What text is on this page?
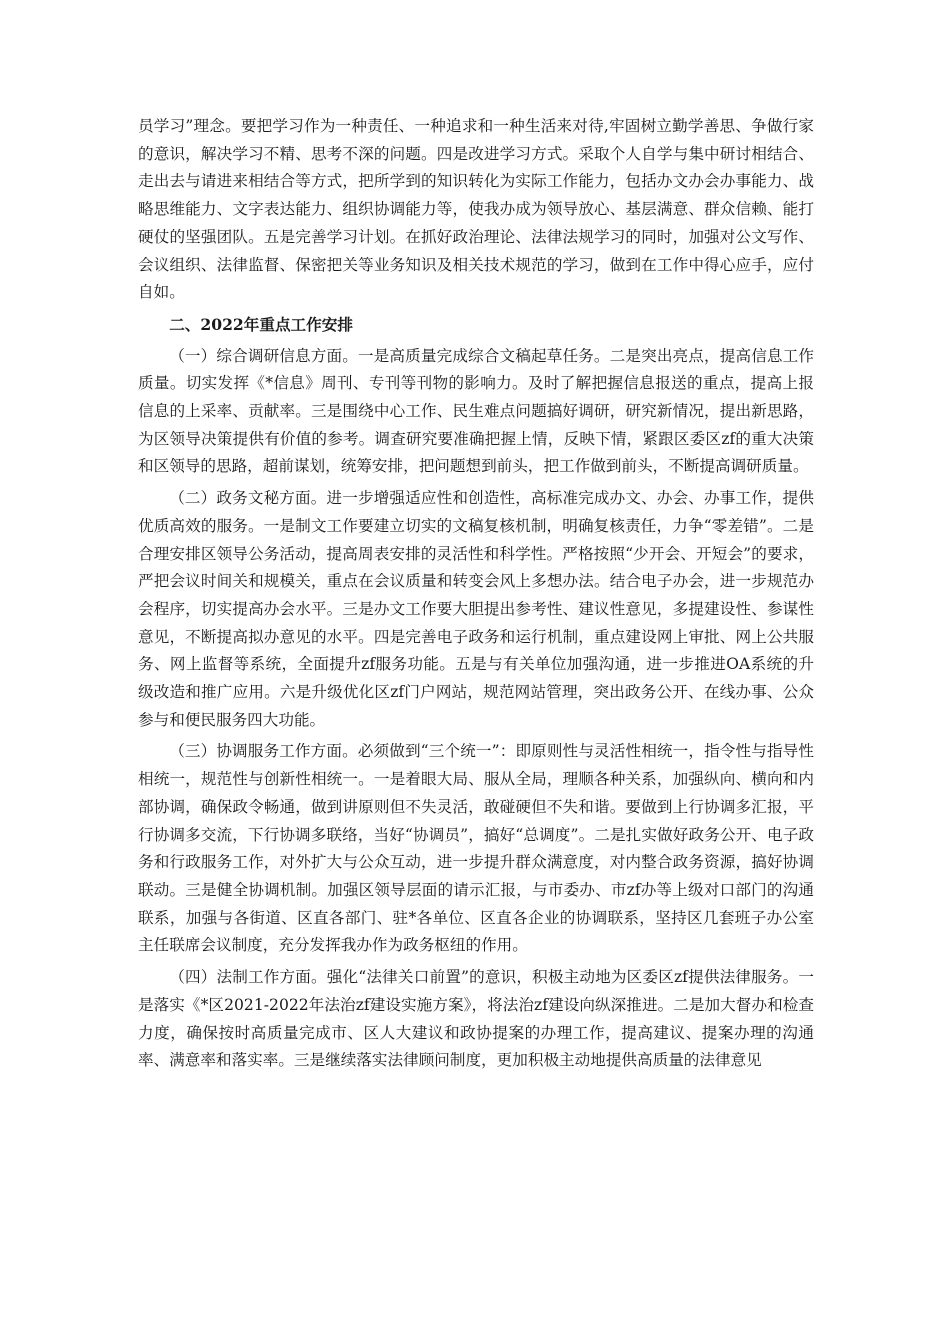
员学习”理念。要把学习作为一种责任、一种追求和一种生活来对待,牢固树立勤学善思、争做行家的意识，解决学习不精、思考不深的问题。四是改进学习方式。采取个人自学与集中研讨相结合、走出去与请进来相结合等方式，把所学到的知识转化为实际工作能力，包括办文办会办事能力、战略思维能力、文字表达能力、组织协调能力等，使我办成为领导放心、基层满意、群众信赖、能打硬仗的坚强团队。五是完善学习计划。在抓好政治理论、法律法规学习的同时，加强对公文写作、会议组织、法律监督、保密把关等业务知识及相关技术规范的学习，做到在工作中得心应手，应付自如。

二、2022年重点工作安排

（一）综合调研信息方面。一是高质量完成综合文稿起草任务。二是突出亮点，提高信息工作质量。切实发挥《*信息》周刊、专刊等刊物的影响力。及时了解把握信息报送的重点，提高上报信息的上采率、贡献率。三是围绕中心工作、民生难点问题搞好调研，研究新情况，提出新思路，为区领导决策提供有价值的参考。调查研究要准确把握上情，反映下情，紧跟区委区zf的重大决策和区领导的思路，超前谋划，统筹安排，把问题想到前头，把工作做到前头，不断提高调研质量。

（二）政务文秘方面。进一步增强适应性和创造性，高标准完成办文、办会、办事工作，提供优质高效的服务。一是制文工作要建立切实的文稿复核机制，明确复核责任，力争“零差错”。二是合理安排区领导公务活动，提高周表安排的灵活性和科学性。严格按照“少开会、开短会”的要求，严把会议时间关和规模关，重点在会议质量和转变会风上多想办法。结合电子办会，进一步规范办会程序，切实提高办会水平。三是办文工作要大胆提出参考性、建议性意见，多提建设性、参谋性意见，不断提高拟办意见的水平。四是完善电子政务和运行机制，重点建设网上审批、网上公共服务、网上监督等系统，全面提升zf服务功能。五是与有关单位加强沟通，进一步推进OA系统的升级改造和推广应用。六是升级优化区zf门户网站，规范网站管理，突出政务公开、在线办事、公众参与和便民服务四大功能。

（三）协调服务工作方面。必须做到“三个统一”：即原则性与灵活性相统一，指令性与指导性相统一，规范性与创新性相统一。一是着眼大局、服从全局，理顺各种关系，加强纵向、横向和内部协调，确保政令畅通，做到讲原则但不失灵活，敢碰硬但不失和谐。要做到上行协调多汇报，平行协调多交流，下行协调多联络，当好“协调员”，搞好“总调度”。二是扎实做好政务公开、电子政务和行政服务工作，对外扩大与公众互动，进一步提升群众满意度，对内整合政务资源，搞好协调联动。三是健全协调机制。加强区领导层面的请示汇报，与市委办、市zf办等上级对口部门的沟通联系，加强与各街道、区直各部门、驻*各单位、区直各企业的协调联系，坚持区几套班子办公室主任联席会议制度，充分发挥我办作为政务枢纽的作用。

（四）法制工作方面。强化“法律关口前置”的意识，积极主动地为区委区zf提供法律服务。一是落实《*区2021-2022年法治zf建设实施方案》，将法治zf建设向纵深推进。二是加大督办和检查力度，确保按时高质量完成市、区人大建议和政协提案的办理工作，提高建议、提案办理的沟通率、满意率和落实率。三是继续落实法律顾问制度，更加积极主动地提供高质量的法律意见
